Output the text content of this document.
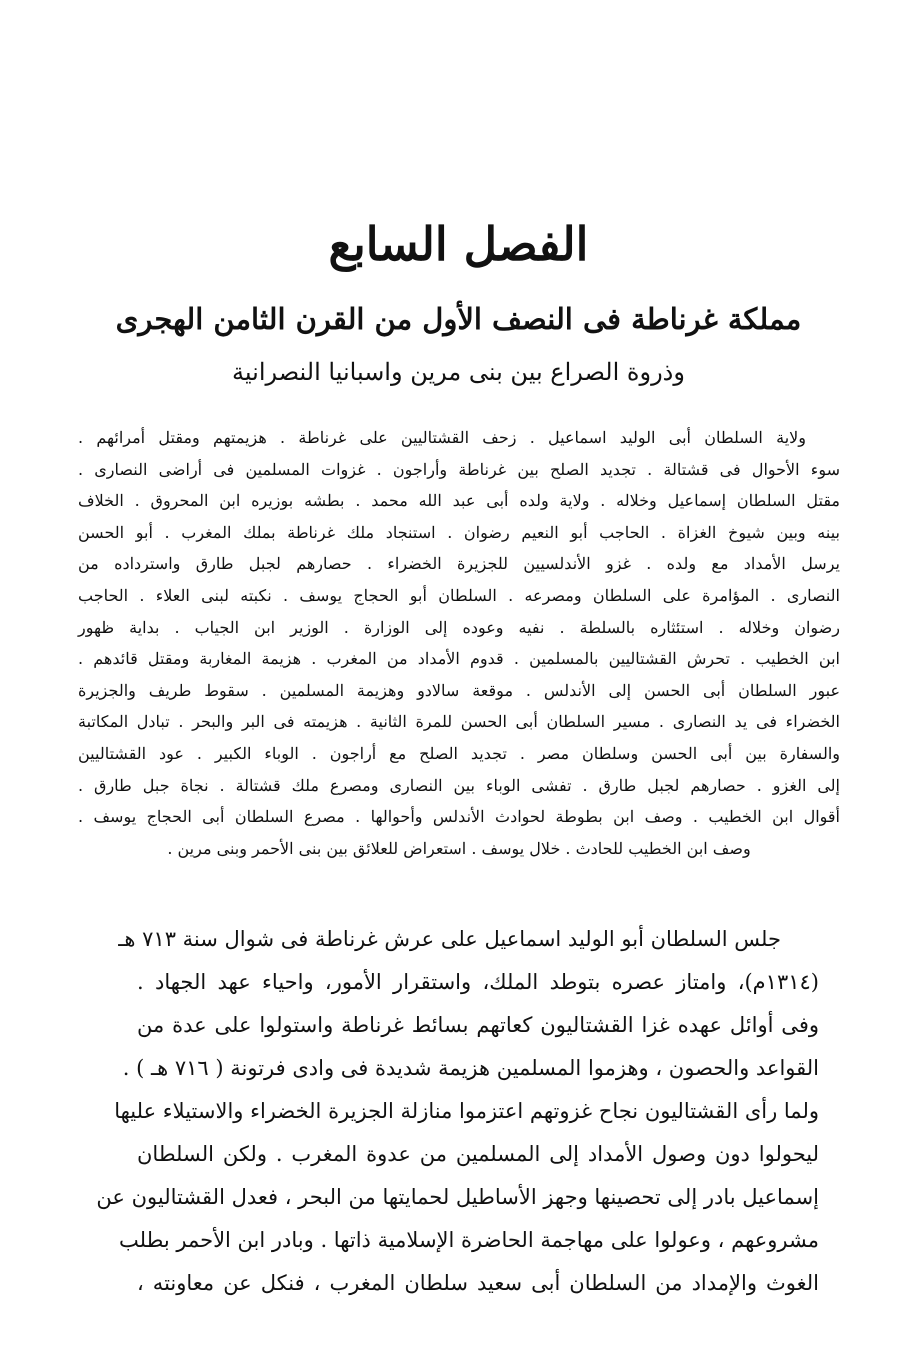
الفصل السابع
مملكة غرناطة فى النصف الأول من القرن الثامن الهجرى
وذروة الصراع بين بنى مرين واسبانيا النصرانية
ولاية السلطان أبى الوليد اسماعيل . زحف القشتاليين على غرناطة . هزيمتهم ومقتل أمرائهم .
سوء الأحوال فى قشتالة . تجديد الصلح بين غرناطة وأراجون . غزوات المسلمين فى أراضى النصارى .
مقتل السلطان إسماعيل وخلاله . ولاية ولده أبى عبد الله محمد . بطشه بوزيره ابن المحروق . الخلاف
بينه وبين شيوخ الغزاة . الحاجب أبو النعيم رضوان . استنجاد ملك غرناطة بملك المغرب . أبو الحسن
يرسل الأمداد مع ولده . غزو الأندلسيين للجزيرة الخضراء . حصارهم لجبل طارق واسترداده من
النصارى . المؤامرة على السلطان ومصرعه . السلطان أبو الحجاج يوسف . نكبته لبنى العلاء . الحاجب
رضوان وخلاله . استئثاره بالسلطة . نفيه وعوده إلى الوزارة . الوزير ابن الجياب . بداية ظهور
ابن الخطيب . تحرش القشتاليين بالمسلمين . قدوم الأمداد من المغرب . هزيمة المغاربة ومقتل قائدهم .
عبور السلطان أبى الحسن إلى الأندلس . موقعة سالادو وهزيمة المسلمين . سقوط طريف والجزيرة
الخضراء فى يد النصارى . مسير السلطان أبى الحسن للمرة الثانية . هزيمته فى البر والبحر . تبادل المكاتبة
والسفارة بين أبى الحسن وسلطان مصر . تجديد الصلح مع أراجون . الوباء الكبير . عود القشتاليين
إلى الغزو . حصارهم لجبل طارق . تفشى الوباء بين النصارى ومصرع ملك قشتالة . نجاة جبل طارق .
أقوال ابن الخطيب . وصف ابن بطوطة لحوادث الأندلس وأحوالها . مصرع السلطان أبى الحجاج يوسف .
وصف ابن الخطيب للحادث . خلال يوسف . استعراض للعلائق بين بنى الأحمر وبنى مرين .
جلس السلطان أبو الوليد اسماعيل على عرش غرناطة فى شوال سنة ٧١٣ هـ
(١٣١٤م)، وامتاز عصره بتوطد الملك، واستقرار الأمور، واحياء عهد الجهاد .
وفى أوائل عهده غزا القشتاليون كعاتهم بسائط غرناطة واستولوا على عدة من
القواعد والحصون ، وهزموا المسلمين هزيمة شديدة فى وادى فرتونة ( ٧١٦ هـ ) .
ولما رأى القشتاليون نجاح غزوتهم اعتزموا منازلة الجزيرة الخضراء والاستيلاء عليها
ليحولوا دون وصول الأمداد إلى المسلمين من عدوة المغرب . ولكن السلطان
إسماعيل بادر إلى تحصينها وجهز الأساطيل لحمايتها من البحر ، فعدل القشتاليون عن
مشروعهم ، وعولوا على مهاجمة الحاضرة الإسلامية ذاتها . وبادر ابن الأحمر بطلب
الغوث والإمداد من السلطان أبى سعيد سلطان المغرب ، فنكل عن معاونته ،
